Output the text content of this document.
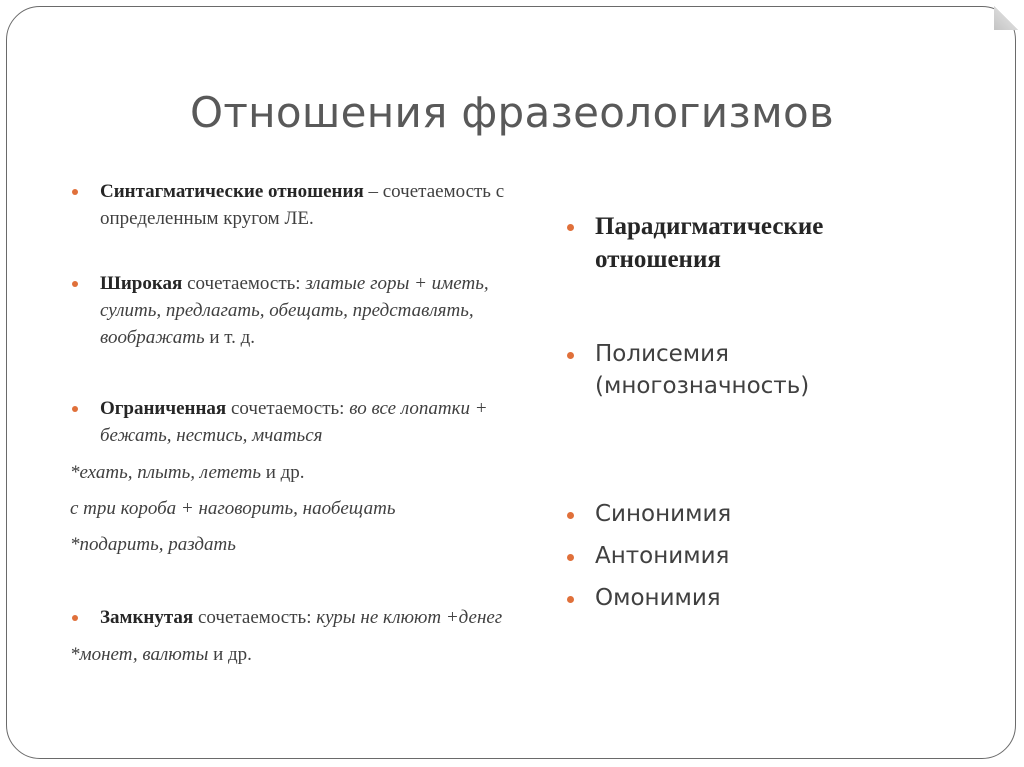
Отношения фразеологизмов
Синтагматические отношения – сочетаемость с определенным кругом ЛЕ.
Широкая сочетаемость: златые горы + иметь, сулить, предлагать, обещать, представлять, воображать и т. д.
Ограниченная сочетаемость: во все лопатки + бежать, нестись, мчаться
*ехать, плыть, лететь и др.
с три короба + наговорить, наобещать
*подарить, раздать
Замкнутая сочетаемость: куры не клюют +денег
*монет, валюты и др.
Парадигматические отношения
Полисемия (многозначность)
Синонимия
Антонимия
Омонимия
